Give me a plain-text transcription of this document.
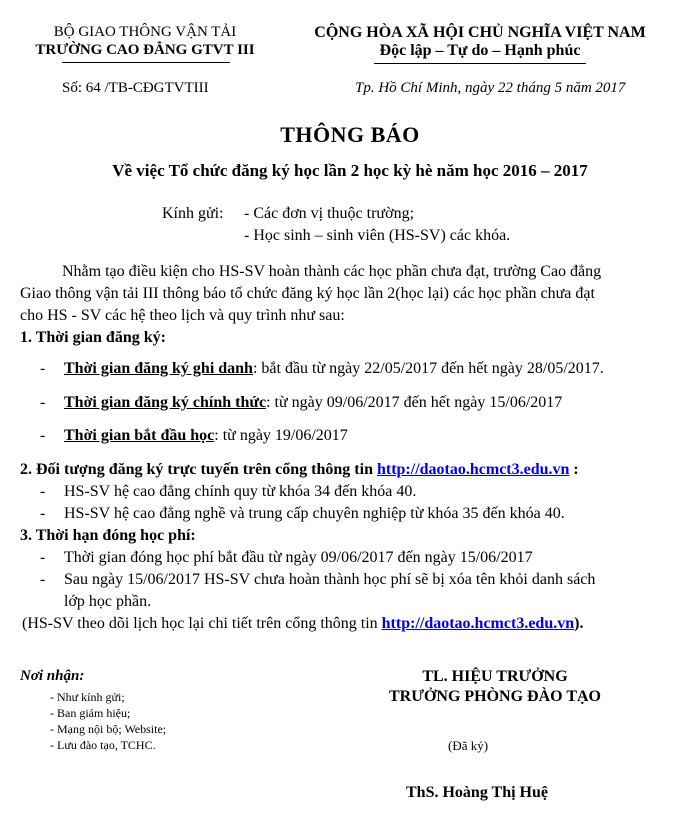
BỘ GIAO THÔNG VẬN TẢI
TRƯỜNG CAO ĐẲNG GTVT III
Số: 64 /TB-CĐGTVTIII
CỘNG HÒA XÃ HỘI CHỦ NGHĨA VIỆT NAM
Độc lập – Tự do – Hạnh phúc
Tp. Hồ Chí Minh, ngày 22 tháng 5 năm 2017
THÔNG BÁO
Về việc Tổ chức đăng ký học lần 2 học kỳ hè năm học 2016 – 2017
Kính gửi: - Các đơn vị thuộc trường;
- Học sinh – sinh viên (HS-SV) các khóa.
Nhằm tạo điều kiện cho HS-SV hoàn thành các học phần chưa đạt, trường Cao đẳng
Giao thông vận tải III thông báo tổ chức đăng ký học lần 2(học lại) các học phần chưa đạt
cho HS - SV các hệ theo lịch và quy trình như sau:
1. Thời gian đăng ký:
- Thời gian đăng ký ghi danh: bắt đầu từ ngày 22/05/2017 đến hết ngày 28/05/2017.
- Thời gian đăng ký chính thức: từ ngày 09/06/2017 đến hết ngày 15/06/2017
- Thời gian bắt đầu học: từ ngày 19/06/2017
2. Đối tượng đăng ký trực tuyến trên cổng thông tin http://daotao.hcmct3.edu.vn :
- HS-SV hệ cao đẳng chính quy từ khóa 34 đến khóa 40.
- HS-SV hệ cao đẳng nghề và trung cấp chuyên nghiệp từ khóa 35 đến khóa 40.
3. Thời hạn đóng học phí:
- Thời gian đóng học phí bắt đầu từ ngày 09/06/2017 đến ngày 15/06/2017
- Sau ngày 15/06/2017 HS-SV chưa hoàn thành học phí sẽ bị xóa tên khỏi danh sách
lớp học phần.
(HS-SV theo dõi lịch học lại chi tiết trên cổng thông tin http://daotao.hcmct3.edu.vn).
Nơi nhận:
- Như kính gửi;
- Ban giám hiệu;
- Mạng nội bộ; Website;
- Lưu đào tạo, TCHC.
TL. HIỆU TRƯỞNG
TRƯỞNG PHÒNG ĐÀO TẠO
(Đã ký)
ThS. Hoàng Thị Huệ
